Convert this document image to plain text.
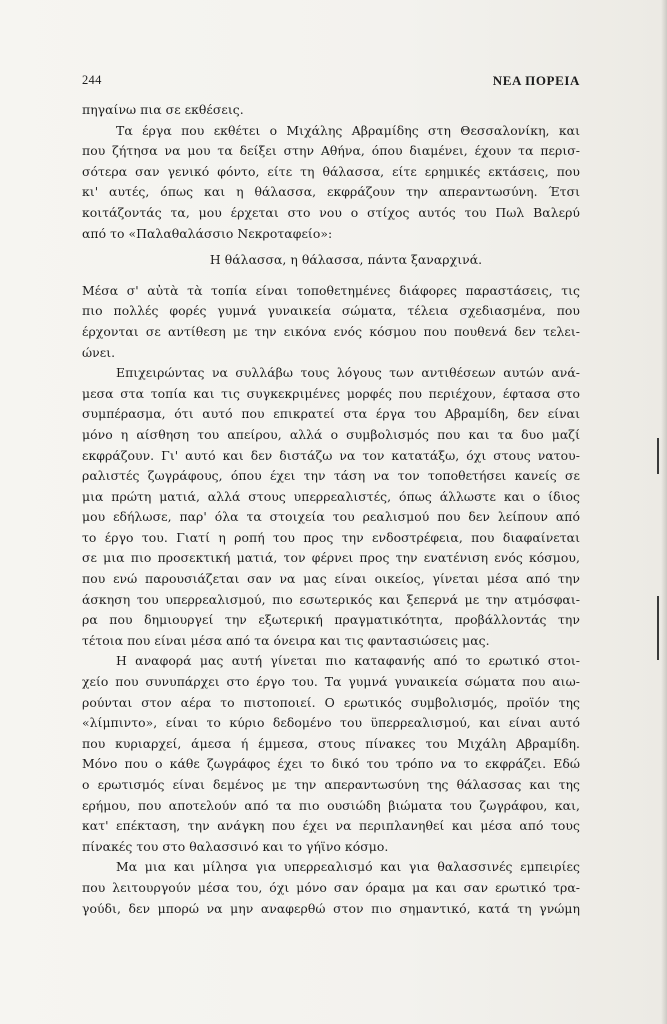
244	ΝΕΑ ΠΟΡΕΙΑ
πηγαίνω πια σε εκθέσεις.
Τα έργα που εκθέτει ο Μιχάλης Αβραμίδης στη Θεσσαλονίκη, και
που ζήτησα να μου τα δείξει στην Αθήνα, όπου διαμένει, έχουν τα περισ-
σότερα σαν γενικό φόντο, είτε τη θάλασσα, είτε ερημικές εκτάσεις, που
κι' αυτές, όπως και η θάλασσα, εκφράζουν την απεραντωσύνη. Έτσι
κοιτάζοντάς τα, μου έρχεται στο νου ο στίχος αυτός του Πωλ Βαλερύ
από το «Παλαθαλάσσιο Νεκροταφείο»:
Η θάλασσα, η θάλασσα, πάντα ξαναρχινά.
Μέσα σ' αὐτὰ τὰ τοπία είναι τοποθετημένες διάφορες παραστάσεις, τις
πιο πολλές φορές γυμνά γυναικεία σώματα, τέλεια σχεδιασμένα, που
έρχονται σε αντίθεση με την εικόνα ενός κόσμου που πουθενά δεν τελει-
ώνει.
Επιχειρώντας να συλλάβω τους λόγους των αντιθέσεων αυτών ανά-
μεσα στα τοπία και τις συγκεκριμένες μορφές που περιέχουν, έφτασα στο
συμπέρασμα, ότι αυτό που επικρατεί στα έργα του Αβραμίδη, δεν είναι
μόνο η αίσθηση του απείρου, αλλά ο συμβολισμός που και τα δυο μαζί
εκφράζουν. Γι' αυτό και δεν διστάζω να τον κατατάξω, όχι στους νατου-
ραλιστές ζωγράφους, όπου έχει την τάση να τον τοποθετήσει κανείς σε
μια πρώτη ματιά, αλλά στους υπερρεαλιστές, όπως άλλωστε και ο ίδιος
μου εδήλωσε, παρ' όλα τα στοιχεία του ρεαλισμού που δεν λείπουν από
το έργο του. Γιατί η ροπή του προς την ενδοστρέφεια, που διαφαίνεται
σε μια πιο προσεκτική ματιά, τον φέρνει προς την ενατένιση ενός κόσμου,
που ενώ παρουσιάζεται σαν να μας είναι οικείος, γίνεται μέσα από την
άσκηση του υπερρεαλισμού, πιο εσωτερικός και ξεπερνά με την ατμόσφαι-
ρα που δημιουργεί την εξωτερική πραγματικότητα, προβάλλοντάς την
τέτοια που είναι μέσα από τα όνειρα και τις φαντασιώσεις μας.
Η αναφορά μας αυτή γίνεται πιο καταφανής από το ερωτικό στοι-
χείο που συνυπάρχει στο έργο του. Τα γυμνά γυναικεία σώματα που αιω-
ρούνται στον αέρα το πιστοποιεί. Ο ερωτικός συμβολισμός, προϊόν της
«λίμπιντο», είναι το κύριο δεδομένο του ϋπερρεαλισμού, και είναι αυτό
που κυριαρχεί, άμεσα ή έμμεσα, στους πίνακες του Μιχάλη Αβραμίδη.
Μόνο που ο κάθε ζωγράφος έχει το δικό του τρόπο να το εκφράζει. Εδώ
ο ερωτισμός είναι δεμένος με την απεραντωσύνη της θάλασσας και της
ερήμου, που αποτελούν από τα πιο ουσιώδη βιώματα του ζωγράφου, και,
κατ' επέκταση, την ανάγκη που έχει να περιπλανηθεί και μέσα από τους
πίνακές του στο θαλασσινό και το γήϊνο κόσμο.
Μα μια και μίλησα για υπερρεαλισμό και για θαλασσινές εμπειρίες
που λειτουργούν μέσα του, όχι μόνο σαν όραμα μα και σαν ερωτικό τρα-
γούδι, δεν μπορώ να μην αναφερθώ στον πιο σημαντικό, κατά τη γνώμη
